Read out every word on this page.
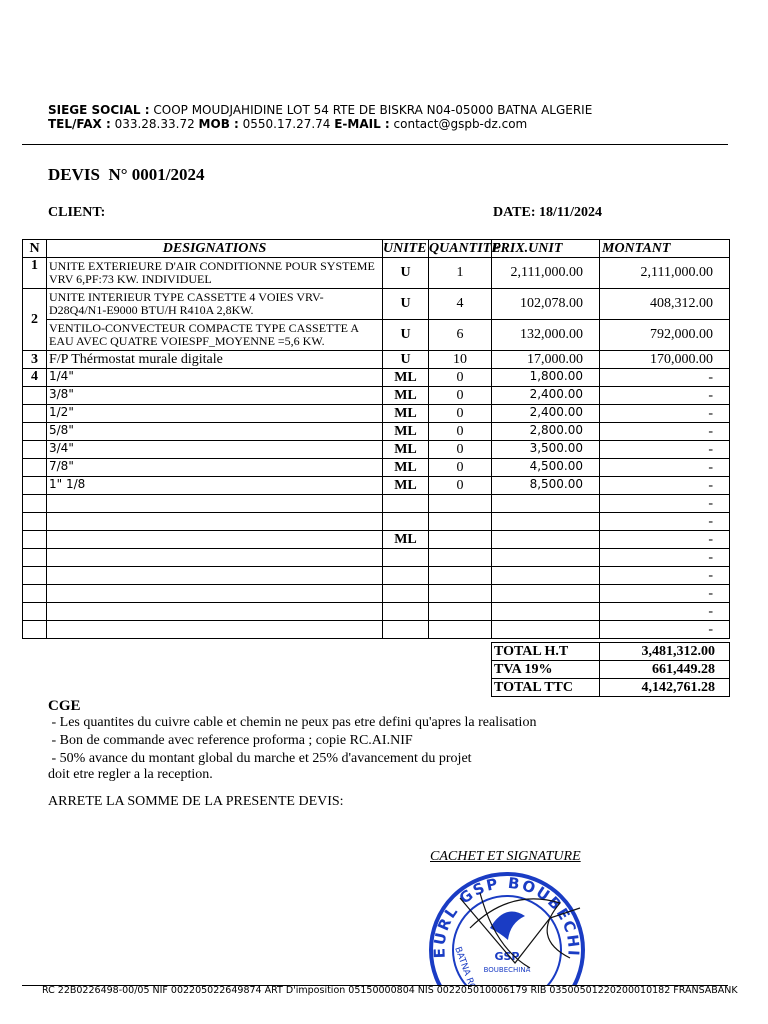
SIEGE SOCIAL : COOP MOUDJAHIDINE LOT 54 RTE DE BISKRA N04-05000 BATNA ALGERIE
TEL/FAX : 033.28.33.72 MOB : 0550.17.27.74 E-MAIL : contact@gspb-dz.com
DEVIS  N° 0001/2024
CLIENT:	DATE: 18/11/2024
N	DESIGNATIONS	UNITE	QUANTITE	PRIX.UNIT	MONTANT
1	UNITE EXTERIEURE D'AIR CONDITIONNE POUR SYSTEME VRV 6,PF:73 KW. INDIVIDUEL	U	1	2,111,000.00	2,111,000.00
2	UNITE INTERIEUR TYPE CASSETTE 4 VOIES VRV-D28Q4/N1-E9000 BTU/H R410A 2,8KW.	U	4	102,078.00	408,312.00
	VENTILO-CONVECTEUR COMPACTE TYPE CASSETTE A EAU AVEC QUATRE VOIESPF_MOYENNE =5,6 KW.	U	6	132,000.00	792,000.00
3	F/P Thérmostat murale digitale	U	10	17,000.00	170,000.00
4	1/4"	ML	0	1,800.00	-
	3/8"	ML	0	2,400.00	-
	1/2"	ML	0	2,400.00	-
	5/8"	ML	0	2,800.00	-
	3/4"	ML	0	3,500.00	-
	7/8"	ML	0	4,500.00	-
	1" 1/8	ML	0	8,500.00	-
					-
					-
		ML			-
					-
					-
					-
					-
					-
TOTAL H.T	3,481,312.00
TVA 19%	661,449.28
TOTAL TTC	4,142,761.28
CGE
- Les quantites du cuivre cable et chemin ne peux pas etre defini qu'apres la realisation
- Bon de commande avec reference proforma ; copie RC.AI.NIF
- 50% avance du montant global du marche et 25% d'avancement du projet
doit etre regler a la reception.
ARRETE LA SOMME DE LA PRESENTE DEVIS:
CACHET ET SIGNATURE
EURL GSP BOUBECHI
GSP
BOUBECHINA
BATNA RC
RC 22B0226498-00/05 NIF 002205022649874 ART D'imposition 05150000804 NIS 002205010006179 RIB 03500501220200010182 FRANSABANK
